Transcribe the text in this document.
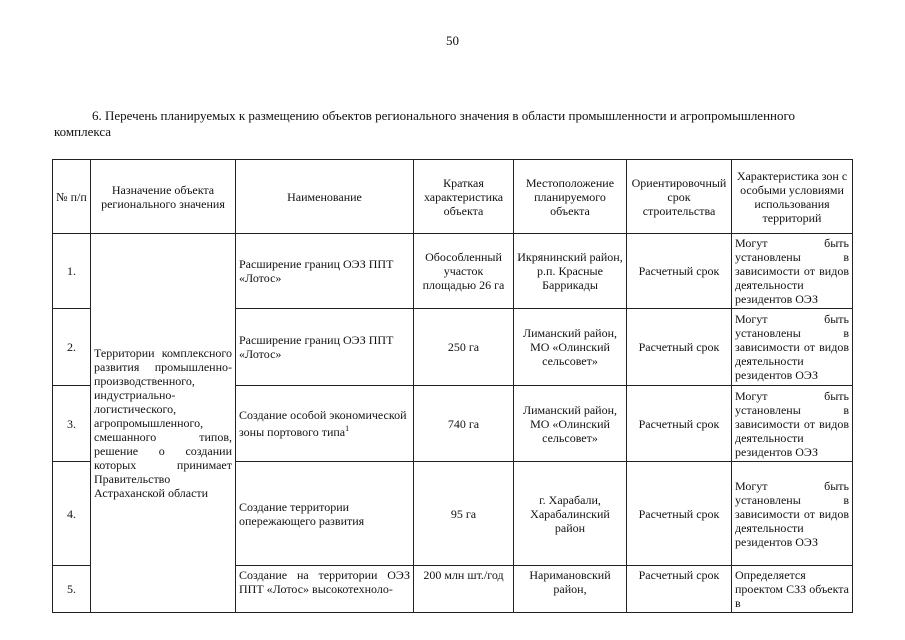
50
6. Перечень планируемых к размещению объектов регионального значения в области промышленности и агропромышленного комплекса
№ п/п	Назначение объекта регионального значения	Наименование	Краткая характеристика объекта	Местоположение планируемого объекта	Ориентировочный срок строительства	Характеристика зон с особыми условиями использования территорий
1.	Территории комплексного развития промышленно-производственного, индустриально-логистического, агропромышленного, смешанного типов, решение о создании которых принимает Правительство Астраханской области	Расширение границ ОЭЗ ППТ «Лотос»	Обособленный участок площадью 26 га	Икрянинский район, р.п. Красные Баррикады	Расчетный срок	Могут быть установлены в зависимости от видов деятельности резидентов ОЭЗ
2.		Расширение границ ОЭЗ ППТ «Лотос»	250 га	Лиманский район, МО «Олинский сельсовет»	Расчетный срок	Могут быть установлены в зависимости от видов деятельности резидентов ОЭЗ
3.		Создание особой экономической зоны портового типа$^1$	740 га	Лиманский район, МО «Олинский сельсовет»	Расчетный срок	Могут быть установлены в зависимости от видов деятельности резидентов ОЭЗ
4.		Создание территории опережающего развития	95 га	г. Харабали, Харабалинский район	Расчетный срок	Могут быть установлены в зависимости от видов деятельности резидентов ОЭЗ
5.		Создание на территории ОЭЗ ППТ «Лотос» высокотехноло-	200 млн шт./год	Наримановский район,	Расчетный срок	Определяется проектом СЗЗ объекта в
